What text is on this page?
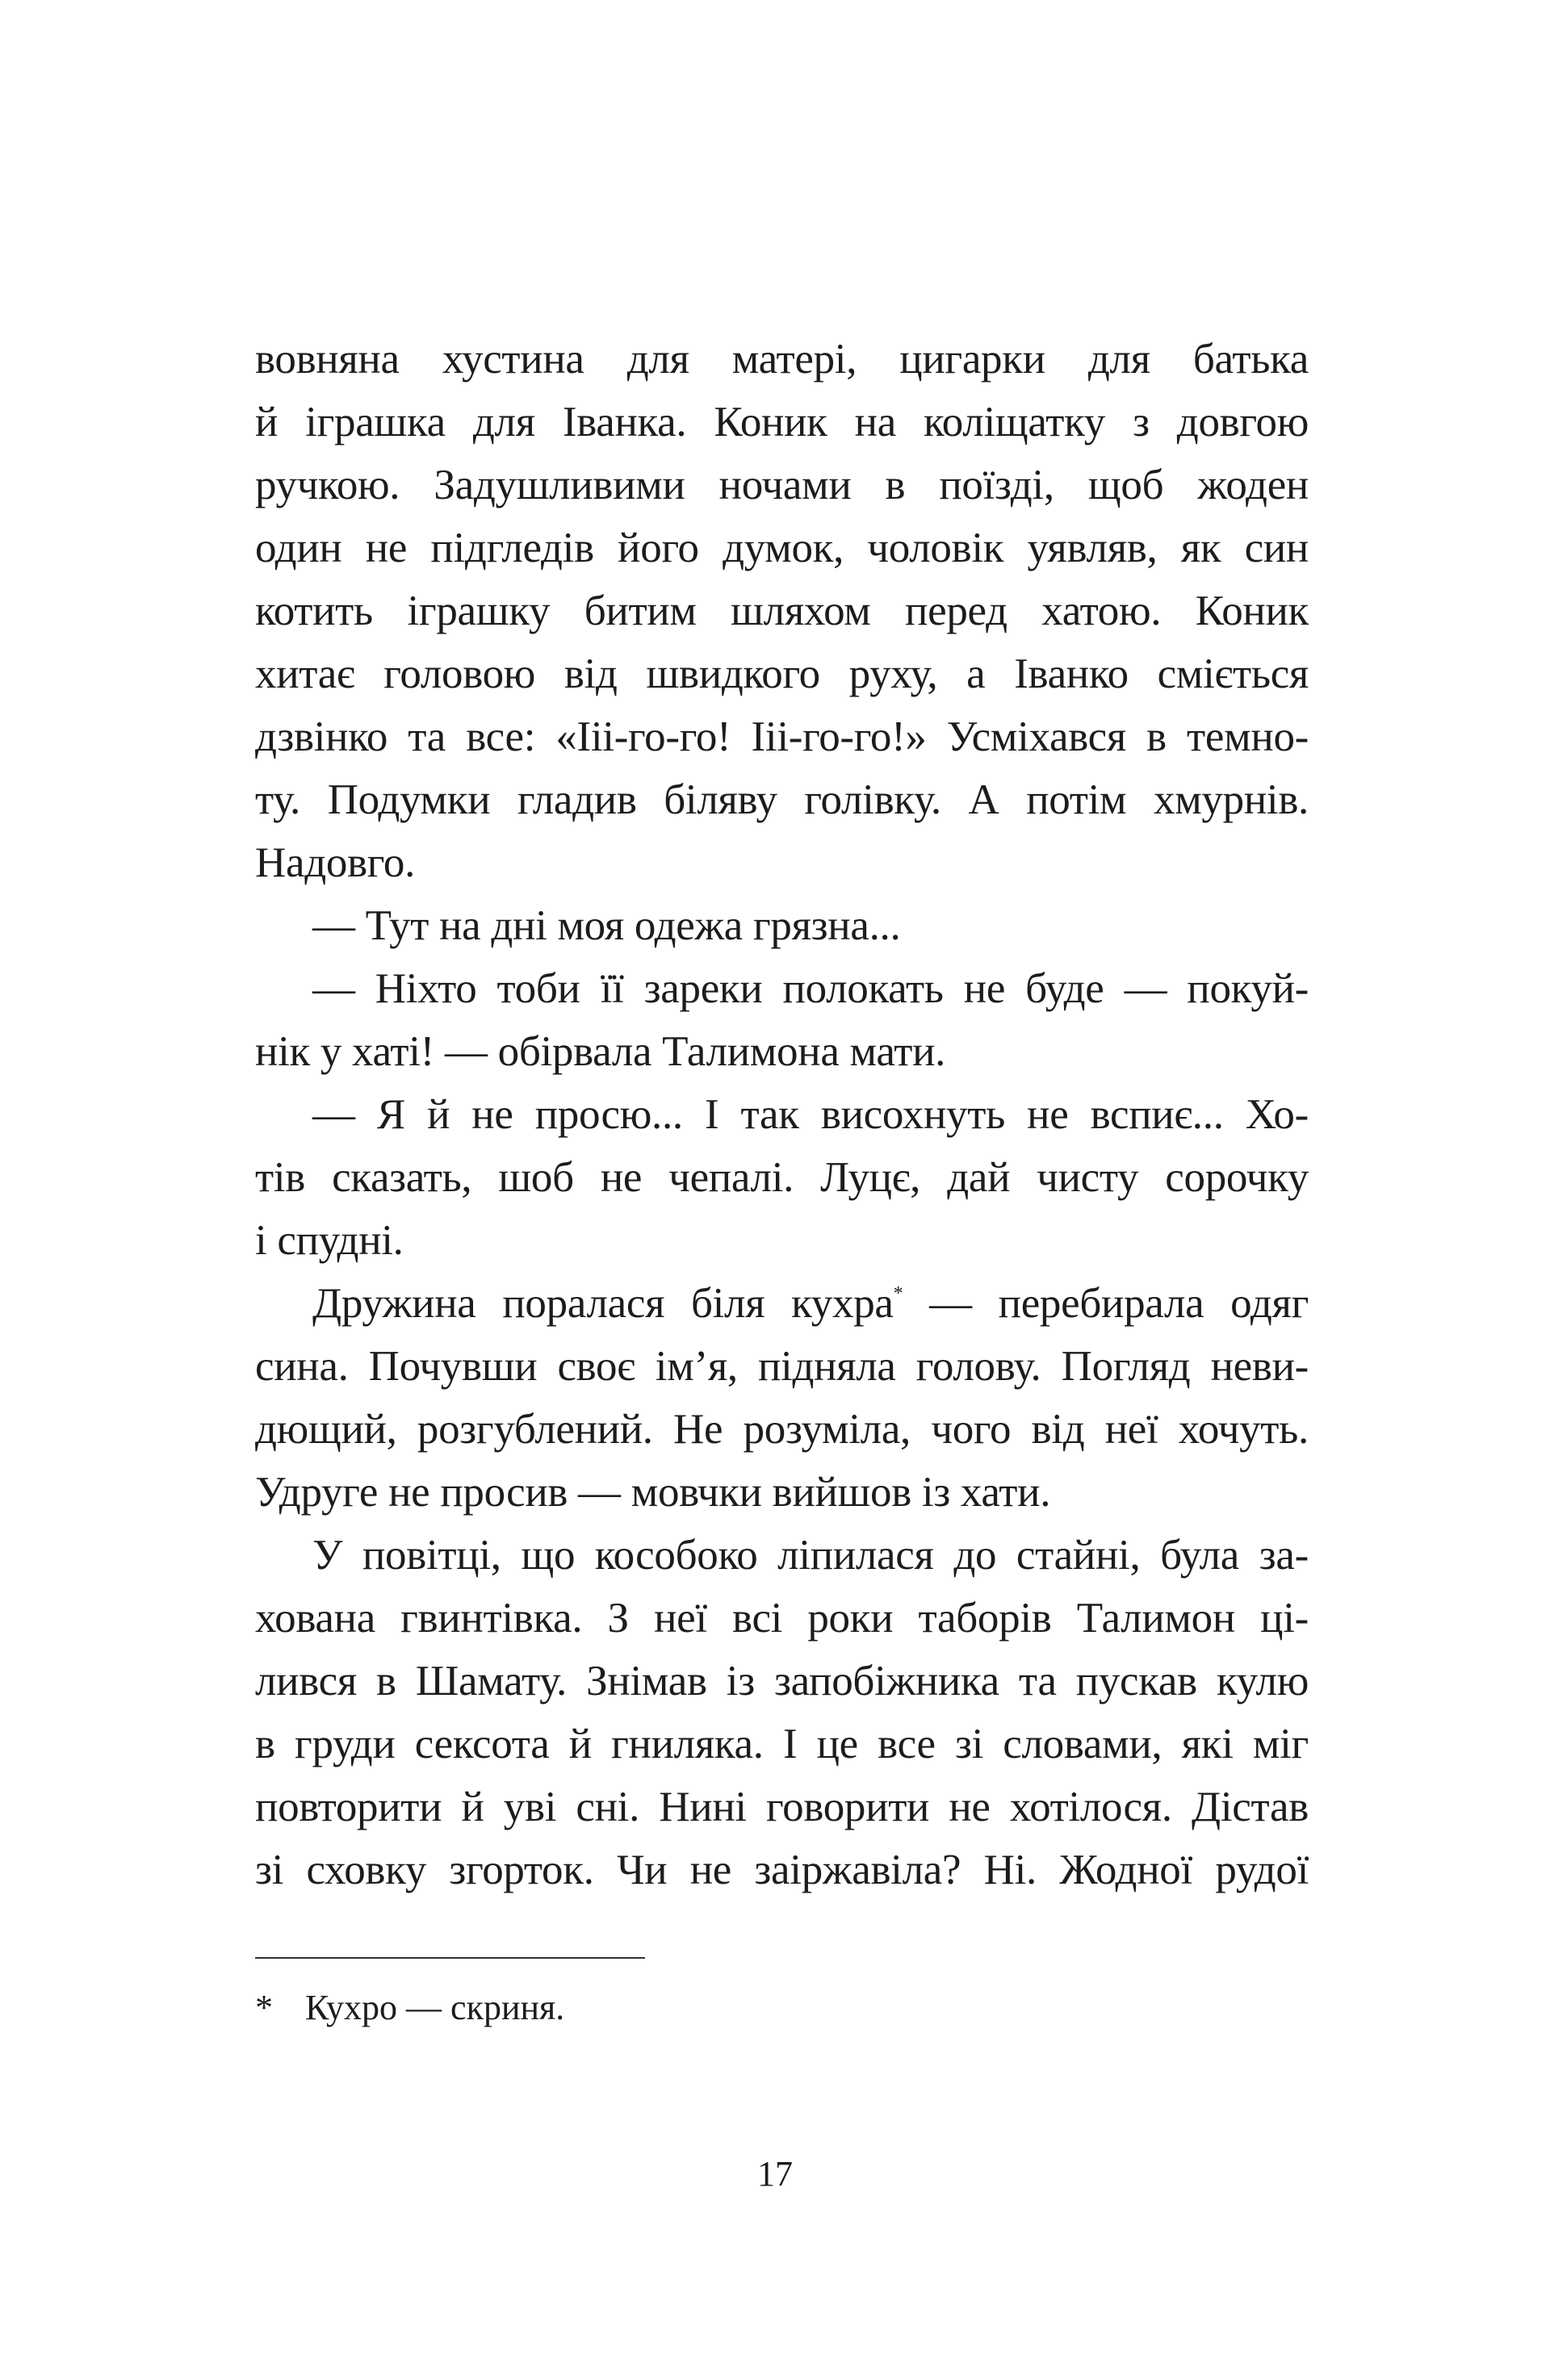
вовняна хустина для матері, цигарки для батька
й іграшка для Іванка. Коник на коліщатку з довгою
ручкою. Задушливими ночами в поїзді, щоб жоден
один не підгледів його думок, чоловік уявляв, як син
котить іграшку битим шляхом перед хатою. Коник
хитає головою від швидкого руху, а Іванко сміється
дзвінко та все: «Іii-го-го! Іii-го-го!» Усміхався в темно-
ту. Подумки гладив біляву голівку. А потім хмурнів.
Надовго.
— Тут на дні моя одежа грязна...
— Ніхто тоби її зареки полокать не буде — покуй-
нік у хаті! — обірвала Талимона мати.
— Я й не просю... І так висохнуть не вспиє... Хо-
тів сказать, шоб не чепалі. Луцє, дай чисту сорочку
і спудні.
Дружина поралася біля кухра* — перебирала одяг
сина. Почувши своє ім’я, підняла голову. Погляд неви-
дющий, розгублений. Не розуміла, чого від неї хочуть.
Удруге не просив — мовчки вийшов із хати.
У повітці, що кособоко ліпилася до стайні, була за-
хована гвинтівка. З неї всі роки таборів Талимон ці-
лився в Шамату. Знімав із запобіжника та пускав кулю
в груди сексота й гниляка. І це все зі словами, які міг
повторити й уві сні. Нині говорити не хотілося. Дістав
зі сховку згорток. Чи не заіржавіла? Ні. Жодної рудої
* Кухро — скриня.
17
